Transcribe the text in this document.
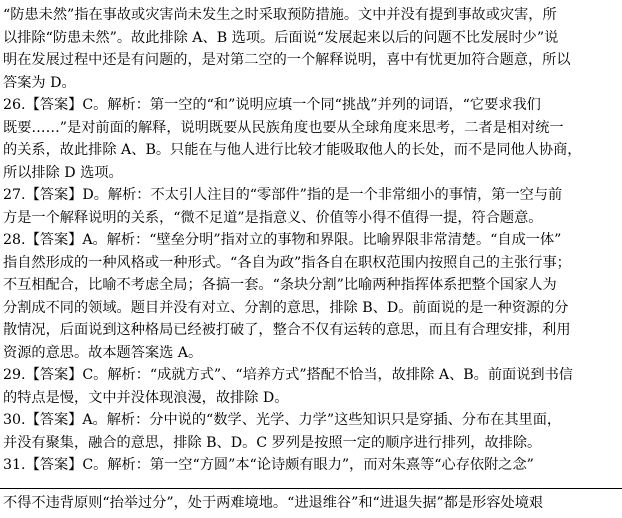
“防患未然”指在事故或灾害尚未发生之时采取预防措施。文中并没有提到事故或灾害，所
以排除“防患未然”。故此排除 A、B 选项。后面说“发展起来以后的问题不比发展时少”说
明在发展过程中还是有问题的，是对第二空的一个解释说明，喜中有忧更加符合题意，所以
答案为 D。
26.【答案】C。解析：第一空的“和”说明应填一个同“挑战”并列的词语，“它要求我们
既要……”是对前面的解释，说明既要从民族角度也要从全球角度来思考，二者是相对统一
的关系，故此排除 A、B。只能在与他人进行比较才能吸取他人的长处，而不是同他人协商，
所以排除 D 选项。
27.【答案】D。解析：不太引人注目的“零部件”指的是一个非常细小的事情，第一空与前
方是一个解释说明的关系，“微不足道”是指意义、价值等小得不值得一提，符合题意。
28.【答案】A。解析：“壁垒分明”指对立的事物和界限。比喻界限非常清楚。“自成一体”
指自然形成的一种风格或一种形式。“各自为政”指各自在职权范围内按照自己的主张行事；
不互相配合，比喻不考虑全局；各搞一套。“条块分割”比喻两种指挥体系把整个国家人为
分割成不同的领域。题目并没有对立、分割的意思，排除 B、D。前面说的是一种资源的分
散情况，后面说到这种格局已经被打破了，整合不仅有运转的意思，而且有合理安排，利用
资源的意思。故本题答案选 A。
29.【答案】C。解析：“成就方式”、“培养方式”搭配不恰当，故排除 A、B。前面说到书信
的特点是慢，文中并没体现浪漫，故排除 D。
30.【答案】A。解析：分中说的“数学、光学、力学”这些知识只是穿插、分布在其里面，
并没有聚集，融合的意思，排除 B、D。C 罗列是按照一定的顺序进行排列，故排除。
31.【答案】C。解析：第一空“方圆”本“论诗颇有眼力”，而对朱熹等“心存依附之念”
不得不违背原则“抬举过分”，处于两难境地。“进退维谷”和“进退失据”都是形容处境艰
